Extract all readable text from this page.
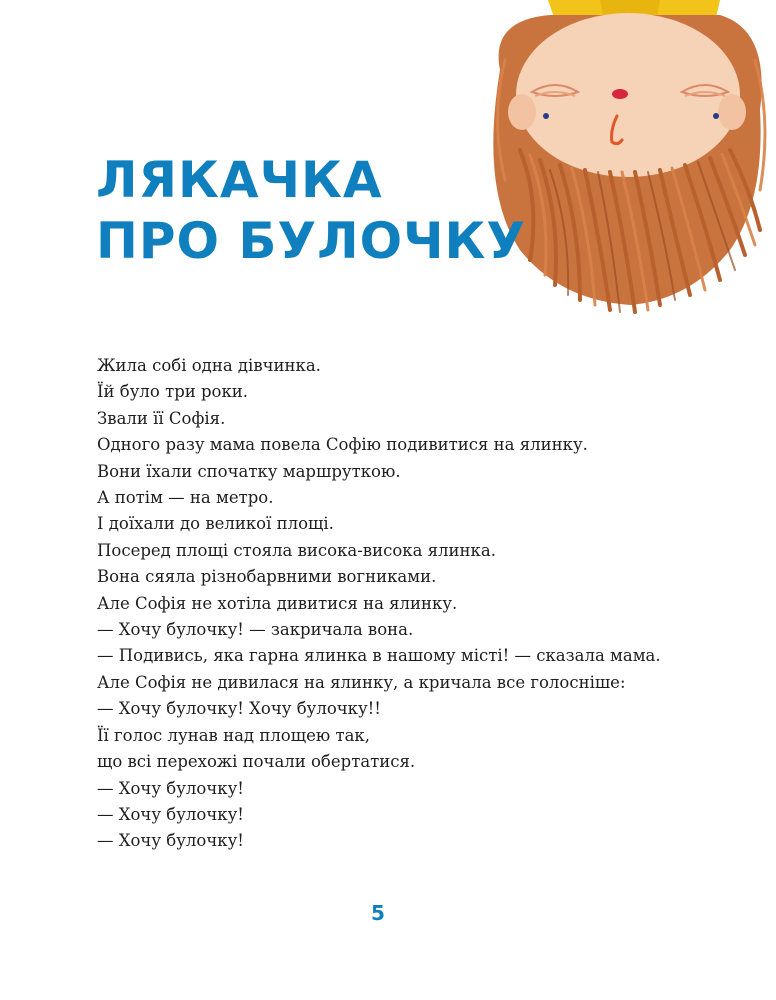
ЛЯКАЧКА
ПРО БУЛОЧКУ

Жила собі одна дівчинка.

Їй було три роки.

Звали її Софія.

Одного разу мама повела Софію подивитися на ялинку.

Вони їхали спочатку маршруткою.

А потім — на метро.

І доїхали до великої площі.

Посеред площі стояла висока-висока ялинка.

Вона сяяла різнобарвними вогниками.

Але Софія не хотіла дивитися на ялинку.

— Хочу булочку! — закричала вона.

— Подивись, яка гарна ялинка в нашому місті! — сказала мама.

Але Софія не дивилася на ялинку, а кричала все голосніше:

— Хочу булочку! Хочу булочку!!

Її голос лунав над площею так,

що всі перехожі почали обертатися.

— Хочу булочку!

— Хочу булочку!

— Хочу булочку!

5
